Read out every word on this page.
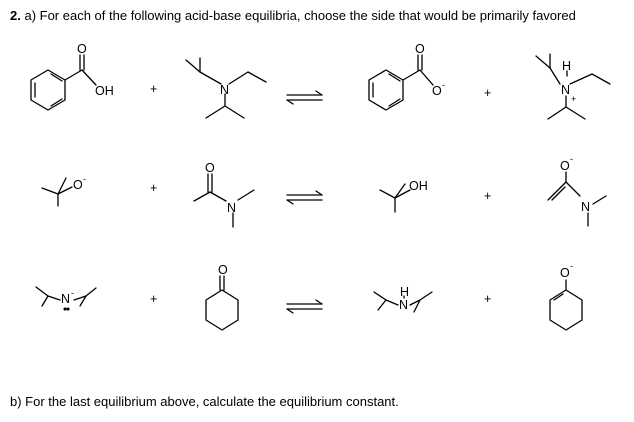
2. a) For each of the following acid-base equilibria, choose the side that would be primarily favored
O
OH	+	N
O
O -
+
H
N
+
O -
+
O
N
OH
+
O -
N
N -	+
O
H
N	+
O -
b) For the last equilibrium above, calculate the equilibrium constant.
